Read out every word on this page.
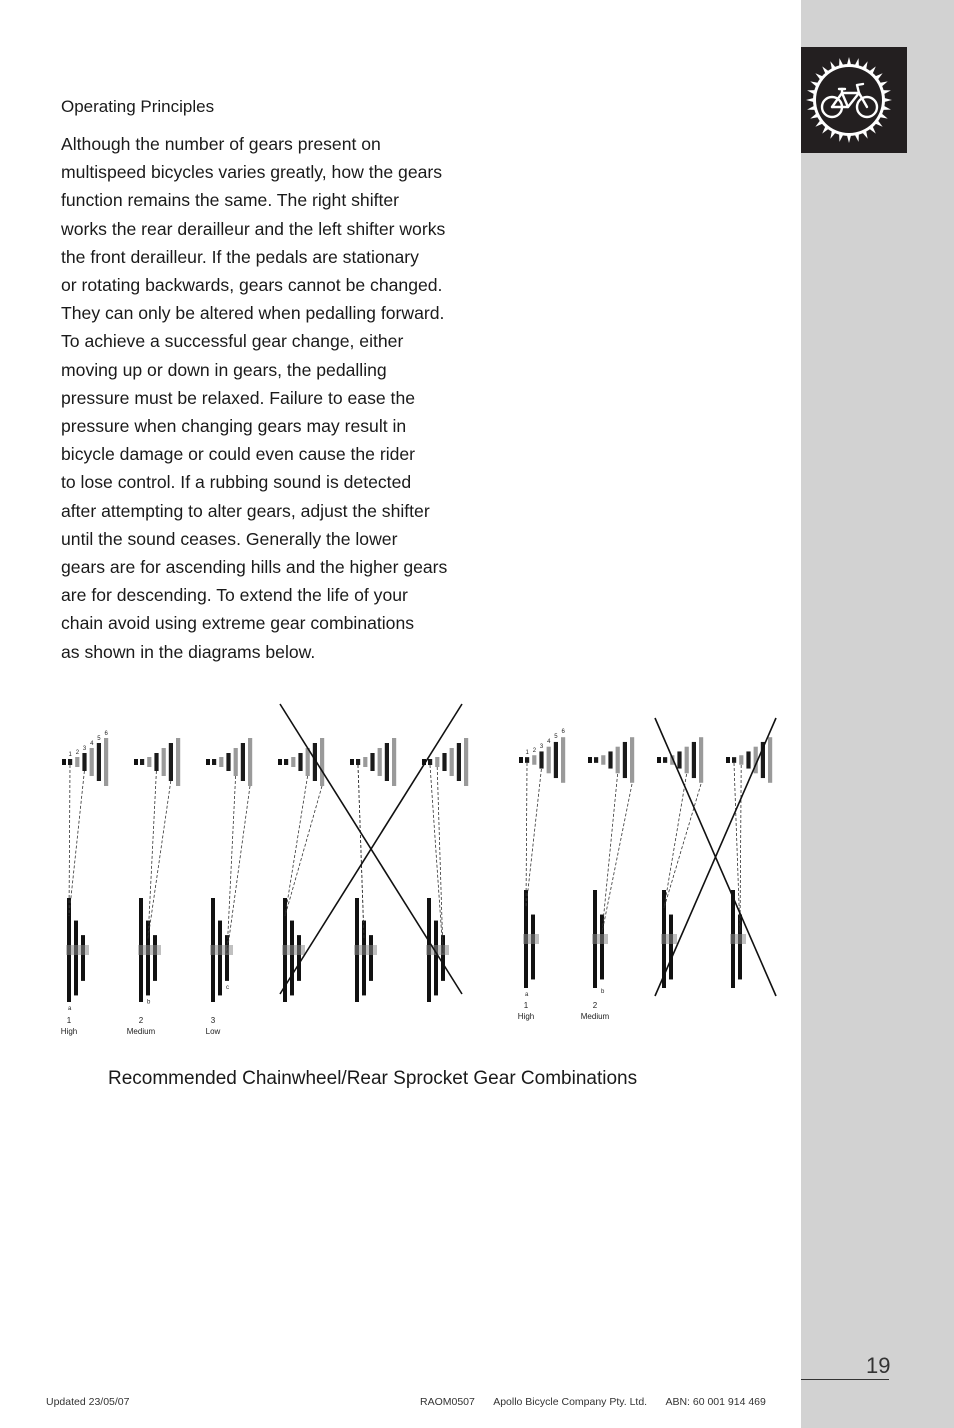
Operating Principles

Although the number of gears present on
multispeed bicycles varies greatly, how the gears
function remains the same. The right shifter
works the rear derailleur and the left shifter works
the front derailleur. If the pedals are stationary
or rotating backwards, gears cannot be changed.
They can only be altered when pedalling forward.
To achieve a successful gear change, either
moving up or down in gears, the pedalling
pressure must be relaxed. Failure to ease the
pressure when changing gears may result in
bicycle damage or could even cause the rider
to lose control. If a rubbing sound is detected
after attempting to alter gears, adjust the shifter
until the sound ceases. Generally the lower
gears are for ascending hills and the higher gears
are for descending. To extend the life of your
chain avoid using extreme gear combinations
as shown in the diagrams below.

1 2
3
4
5
6
a
1
High
b
2
Medium
c
3
Low
1 2
3
4
5
6
a
1
High
b
2
Medium

Recommended Chainwheel/Rear Sprocket Gear Combinations

19
Updated 23/05/07	RAOM0507 Apollo Bicycle Company Pty. Ltd. ABN: 60 001 914 469
